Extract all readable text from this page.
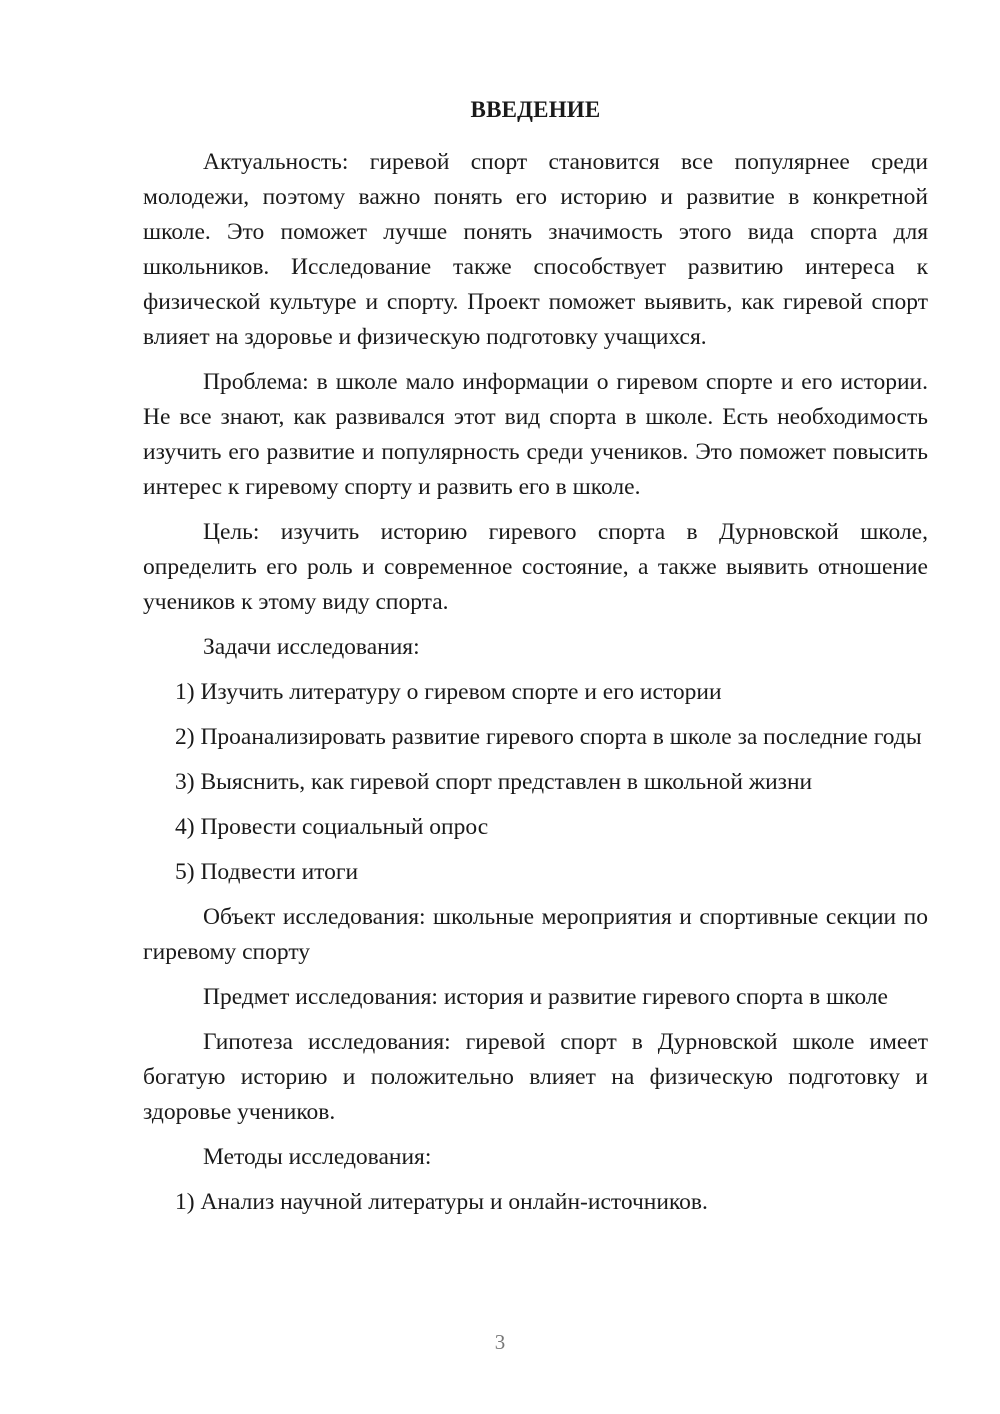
ВВЕДЕНИЕ

Актуальность: гиревой спорт становится все популярнее среди молодежи, поэтому важно понять его историю и развитие в конкретной школе. Это поможет лучше понять значимость этого вида спорта для школьников. Исследование также способствует развитию интереса к физической культуре и спорту. Проект поможет выявить, как гиревой спорт влияет на здоровье и физическую подготовку учащихся.

Проблема: в школе мало информации о гиревом спорте и его истории. Не все знают, как развивался этот вид спорта в школе. Есть необходимость изучить его развитие и популярность среди учеников. Это поможет повысить интерес к гиревому спорту и развить его в школе.

Цель: изучить историю гиревого спорта в Дурновской школе, определить его роль и современное состояние, а также выявить отношение учеников к этому виду спорта.

Задачи исследования:

1) Изучить литературу о гиревом спорте и его истории

2) Проанализировать развитие гиревого спорта в школе за последние годы

3) Выяснить, как гиревой спорт представлен в школьной жизни

4) Провести социальный опрос

5) Подвести итоги

Объект исследования: школьные мероприятия и спортивные секции по гиревому спорту

Предмет исследования: история и развитие гиревого спорта в школе

Гипотеза исследования: гиревой спорт в Дурновской школе имеет богатую историю и положительно влияет на физическую подготовку и здоровье учеников.

Методы исследования:

1) Анализ научной литературы и онлайн-источников.

3
